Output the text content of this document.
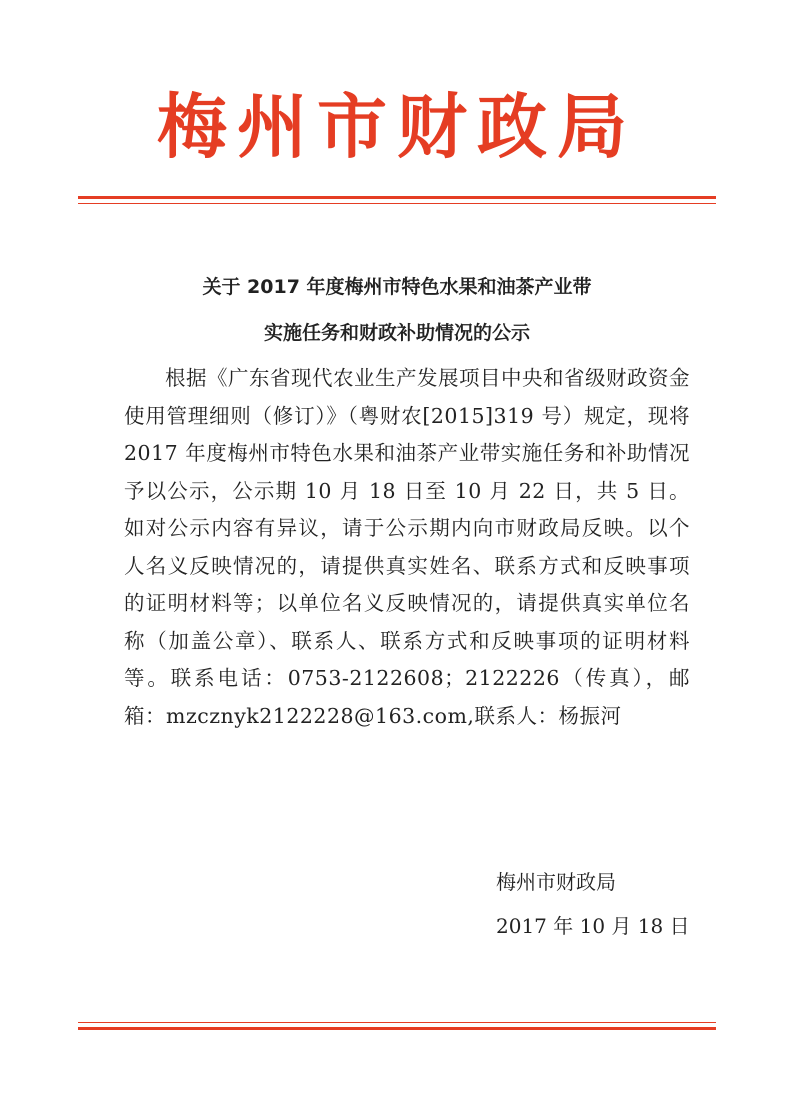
梅州市财政局
关于 2017 年度梅州市特色水果和油茶产业带
实施任务和财政补助情况的公示

根据《广东省现代农业生产发展项目中央和省级财政资金使用管理细则（修订）》（粤财农[2015]319 号）规定，现将 2017 年度梅州市特色水果和油茶产业带实施任务和补助情况予以公示，公示期 10 月 18 日至 10 月 22 日，共 5 日。如对公示内容有异议，请于公示期内向市财政局反映。以个人名义反映情况的，请提供真实姓名、联系方式和反映事项的证明材料等；以单位名义反映情况的，请提供真实单位名称（加盖公章）、联系人、联系方式和反映事项的证明材料等。联系电话：0753-2122608；2122226（传真），邮箱：mzcznyk2122228@163.com,联系人：杨振河

梅州市财政局
2017 年 10 月 18 日
